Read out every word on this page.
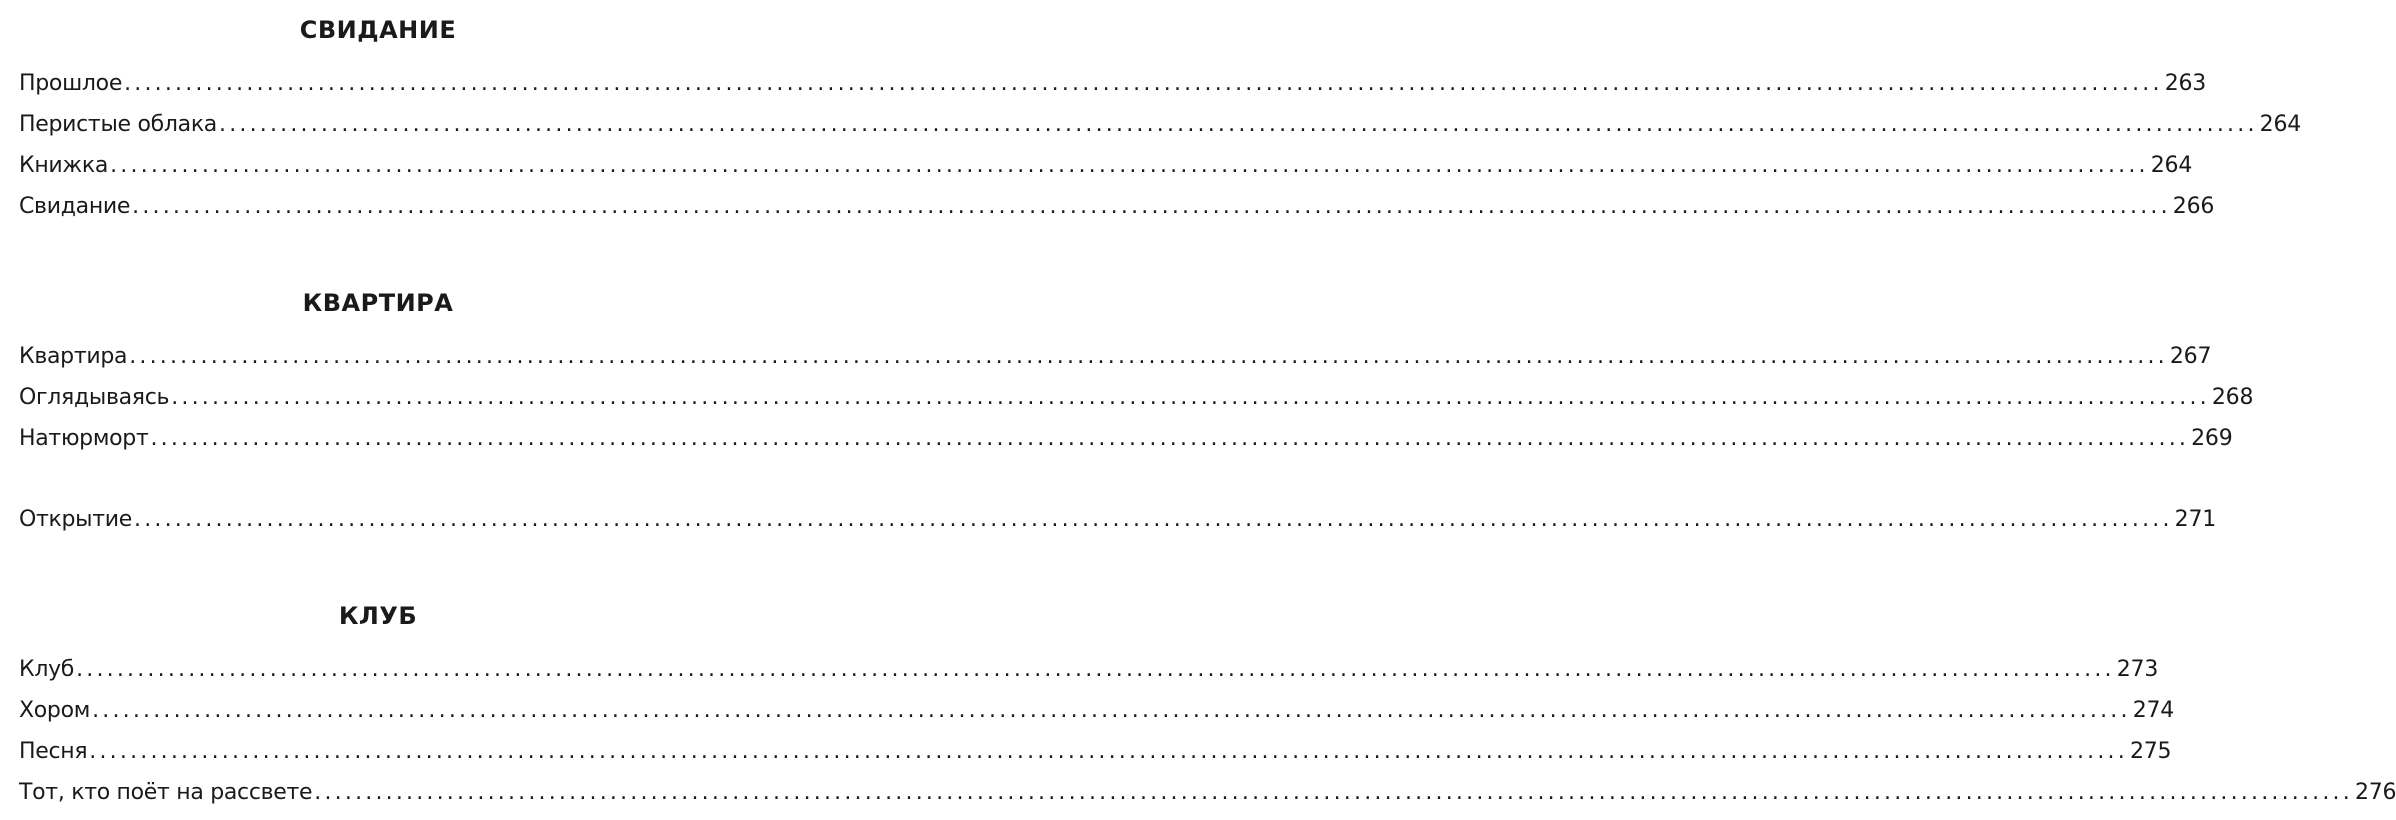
СВИДАНИЕ
Прошлое ........................................................................................................................................................................................................ 263
Перистые облака ........................................................................................................................................................................................................ 264
Книжка ........................................................................................................................................................................................................ 264
Свидание ........................................................................................................................................................................................................ 266
КВАРТИРА
Квартира ........................................................................................................................................................................................................ 267
Оглядываясь ........................................................................................................................................................................................................ 268
Натюрморт ........................................................................................................................................................................................................ 269
Открытие ........................................................................................................................................................................................................ 271
КЛУБ
Клуб ........................................................................................................................................................................................................ 273
Хором ........................................................................................................................................................................................................ 274
Песня ........................................................................................................................................................................................................ 275
Тот, кто поёт на рассвете ........................................................................................................................................................................................................ 276
